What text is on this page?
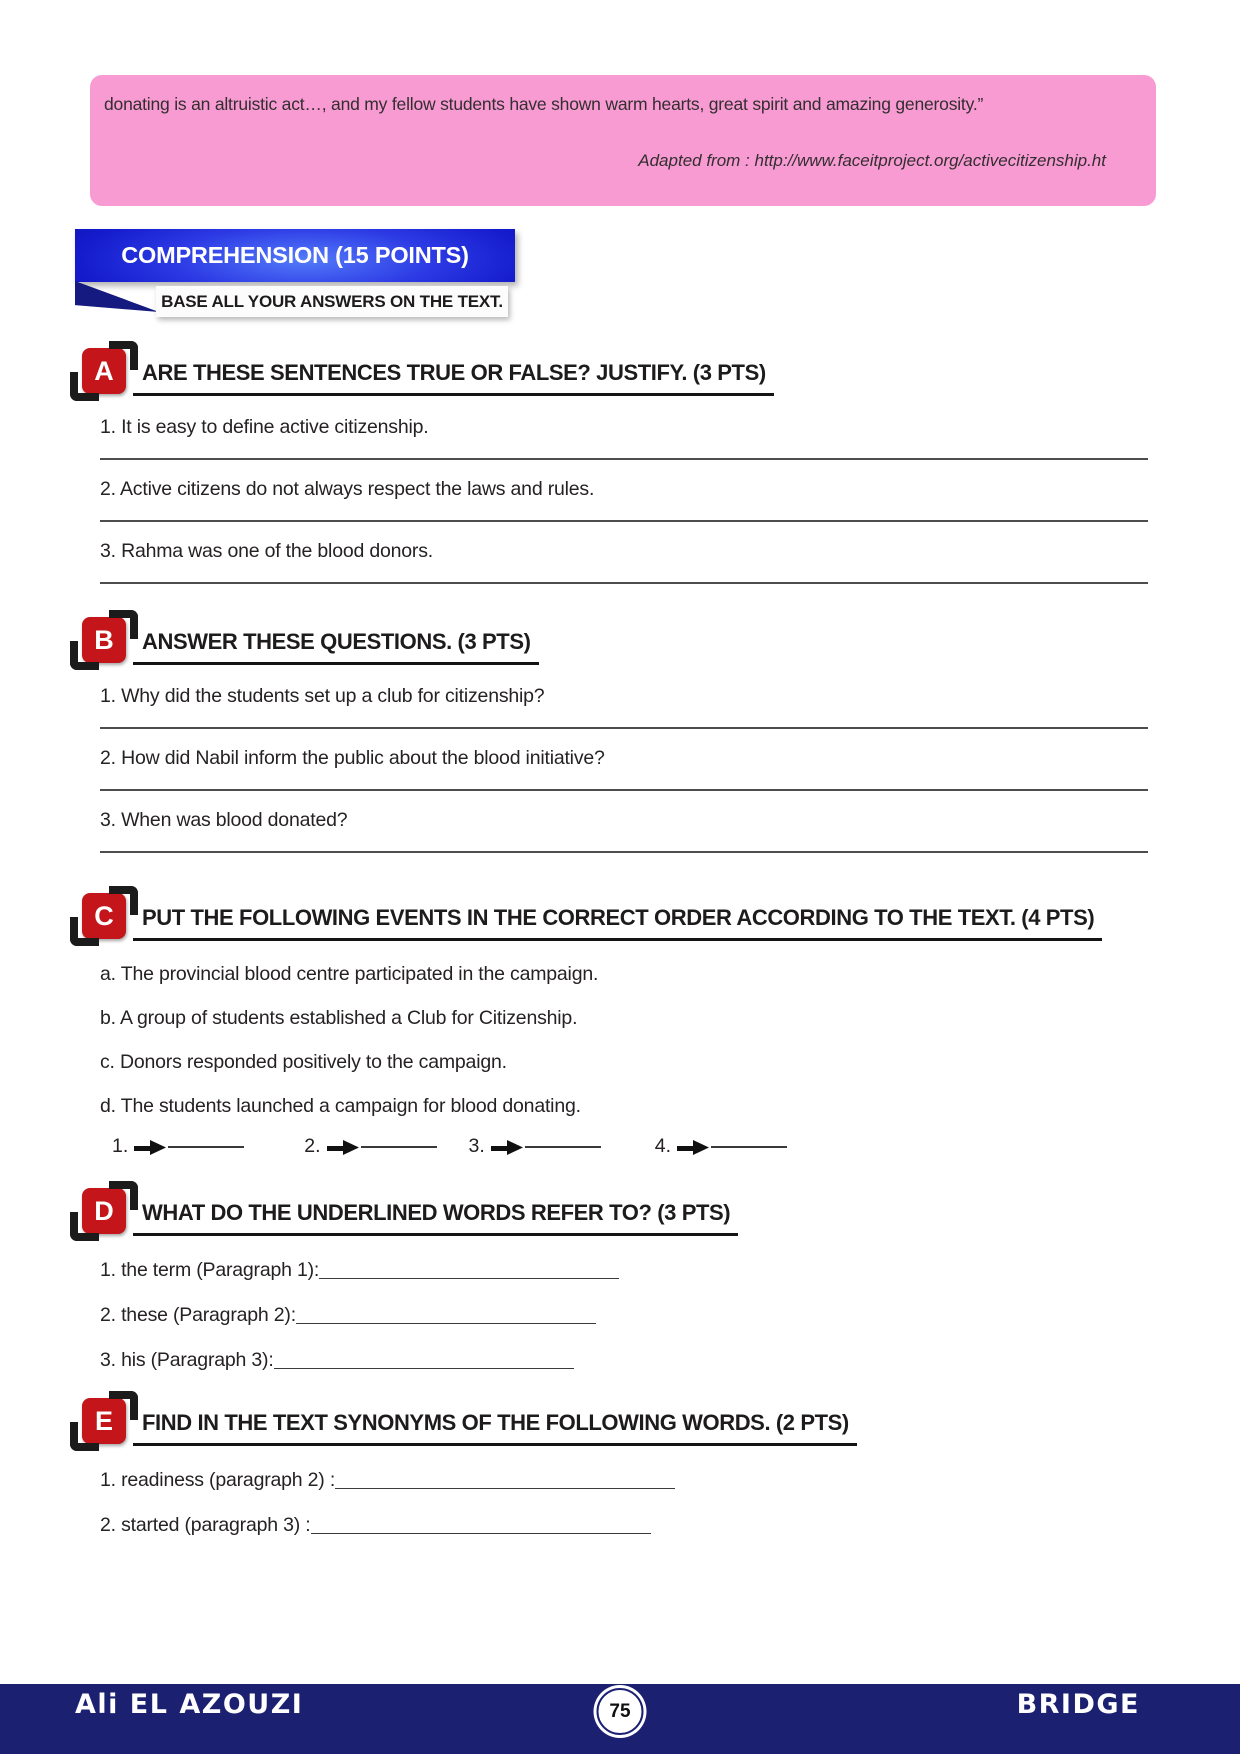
donating is an altruistic act…, and my fellow students have shown warm hearts, great spirit and amazing generosity.”
Adapted from : http://www.faceitproject.org/activecitizenship.ht
COMPREHENSION (15 POINTS)
BASE ALL YOUR ANSWERS ON THE TEXT.
A	ARE THESE SENTENCES TRUE OR FALSE? JUSTIFY. (3 PTS)
1. It is easy to define active citizenship.
2. Active citizens do not always respect the laws and rules.
3. Rahma was one of the blood donors.
B	ANSWER THESE QUESTIONS. (3 PTS)
1. Why did the students set up a club for citizenship?
2. How did Nabil inform the public about the blood initiative?
3. When was blood donated?
C	PUT THE FOLLOWING EVENTS IN THE CORRECT ORDER ACCORDING TO THE TEXT. (4 PTS)
a. The provincial blood centre participated in the campaign.
b. A group of students established a Club for Citizenship.
c. Donors responded positively to the campaign.
d. The students launched a campaign for blood donating.
1.	2.	3.	4.
D	WHAT DO THE UNDERLINED WORDS REFER TO? (3 PTS)
1. the term (Paragraph 1):
2. these (Paragraph 2):
3. his (Paragraph 3):
E	FIND IN THE TEXT SYNONYMS OF THE FOLLOWING WORDS. (2 PTS)
1. readiness (paragraph 2) :
2. started (paragraph 3) :
Ali EL AZOUZI	75	BRIDGE
